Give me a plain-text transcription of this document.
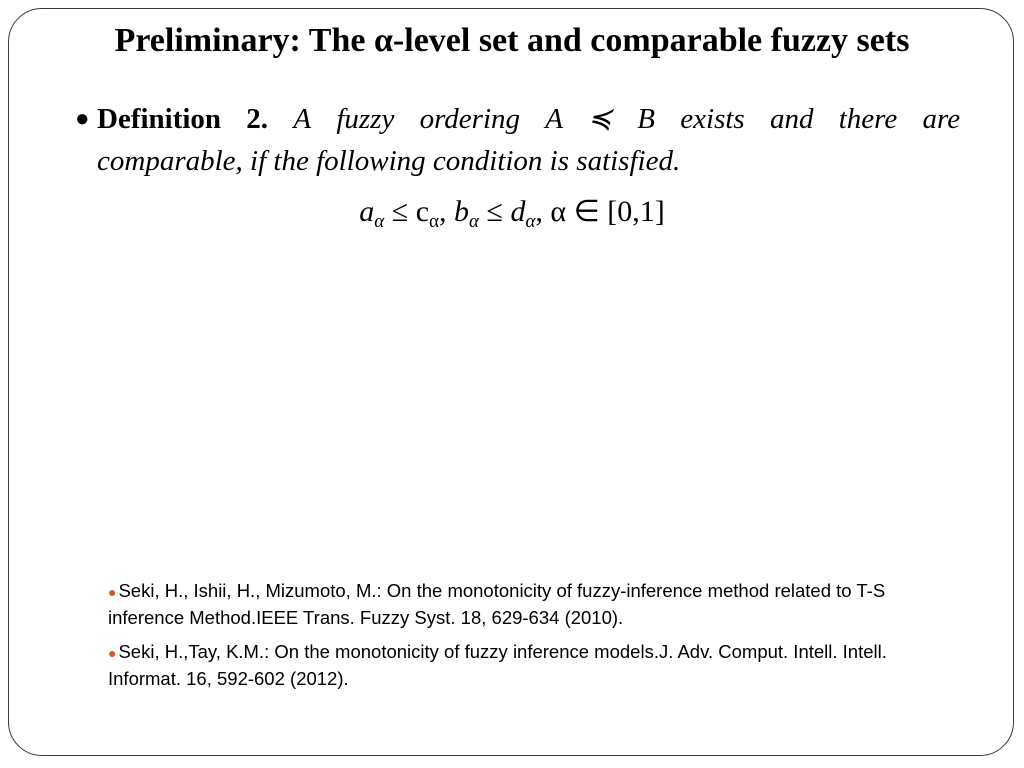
Preliminary: The α-level set and comparable fuzzy sets
● Definition 2. A fuzzy ordering A ≼ B exists and there are
comparable, if the following condition is satisfied.
$a_\alpha \le c_\alpha$, $b_\alpha \le d_\alpha$, α ∈ [0,1]
● Seki, H., Ishii, H., Mizumoto, M.: On the monotonicity of fuzzy-inference method related to T-S inference Method.IEEE Trans. Fuzzy Syst. 18, 629-634 (2010).
● Seki, H.,Tay, K.M.: On the monotonicity of fuzzy inference models.J. Adv. Comput. Intell. Intell. Informat. 16, 592-602 (2012).
